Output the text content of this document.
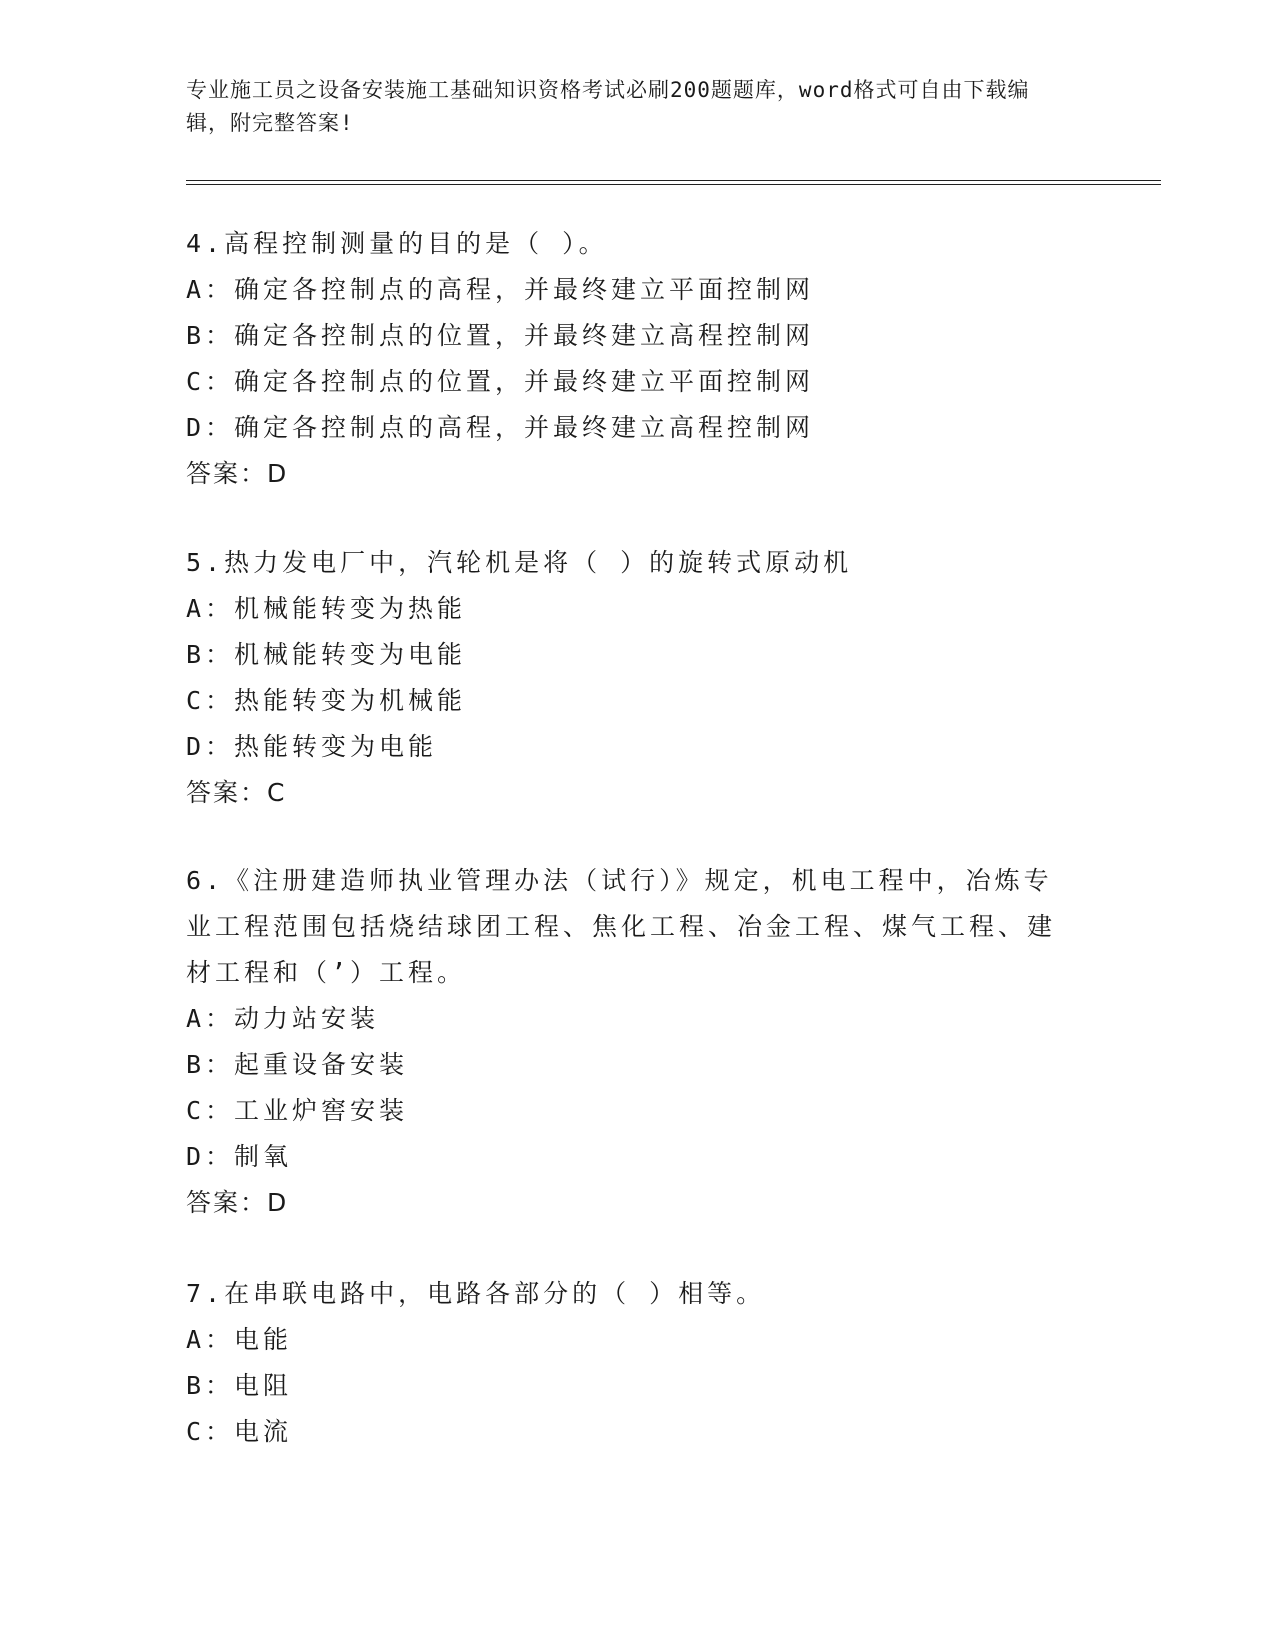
专业施工员之设备安装施工基础知识资格考试必刷200题题库，word格式可自由下载编辑，附完整答案!
4.高程控制测量的目的是（ ）。
A：确定各控制点的高程，并最终建立平面控制网
B：确定各控制点的位置，并最终建立高程控制网
C：确定各控制点的位置，并最终建立平面控制网
D：确定各控制点的高程，并最终建立高程控制网
答案：D
5.热力发电厂中，汽轮机是将（ ）的旋转式原动机
A：机械能转变为热能
B：机械能转变为电能
C：热能转变为机械能
D：热能转变为电能
答案：C
6.《注册建造师执业管理办法（试行）》规定，机电工程中，冶炼专业工程范围包括烧结球团工程、焦化工程、冶金工程、煤气工程、建材工程和（’）工程。
A：动力站安装
B：起重设备安装
C：工业炉窖安装
D：制氧
答案：D
7.在串联电路中，电路各部分的（ ）相等。
A：电能
B：电阻
C：电流
